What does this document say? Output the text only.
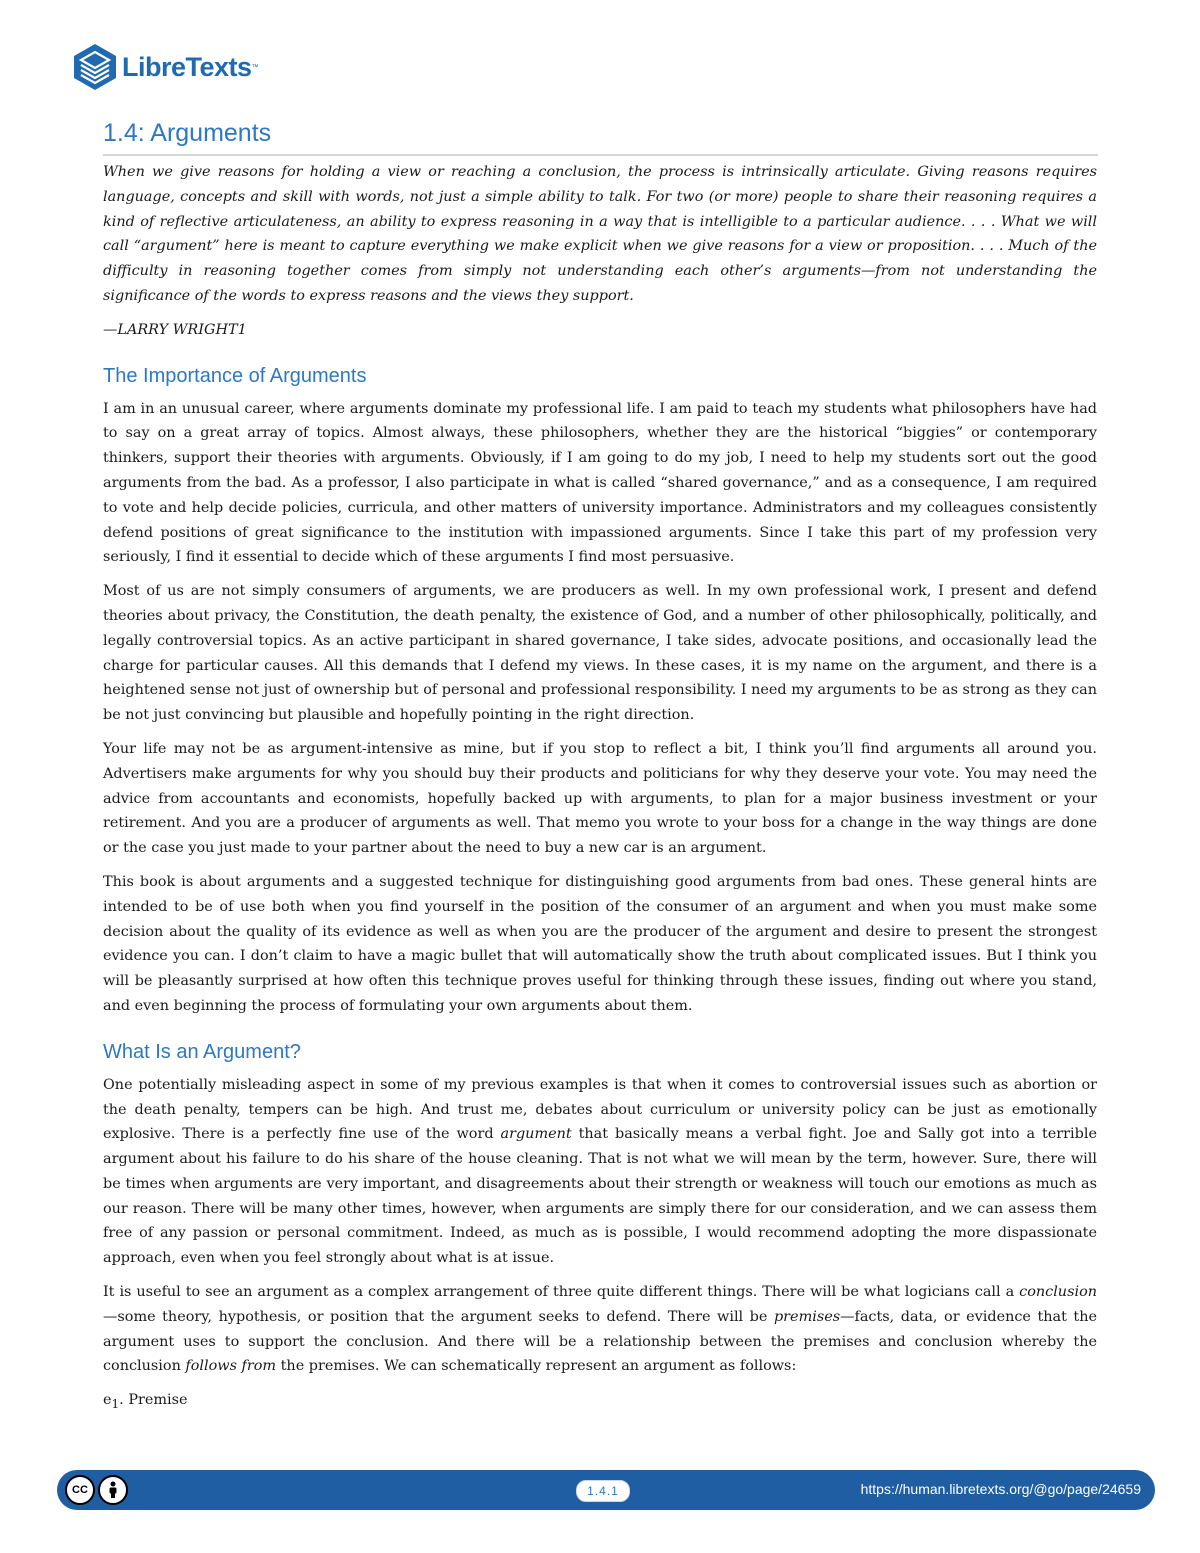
LibreTexts ™
1.4: Arguments

When we give reasons for holding a view or reaching a conclusion, the process is intrinsically articulate. Giving reasons requires language, concepts and skill with words, not just a simple ability to talk. For two (or more) people to share their reasoning requires a kind of reflective articulateness, an ability to express reasoning in a way that is intelligible to a particular audience. . . . What we will call “argument” here is meant to capture everything we make explicit when we give reasons for a view or proposition. . . . Much of the difficulty in reasoning together comes from simply not understanding each other’s arguments—from not understanding the significance of the words to express reasons and the views they support.

—LARRY WRIGHT1

The Importance of Arguments

I am in an unusual career, where arguments dominate my professional life. I am paid to teach my students what philosophers have had to say on a great array of topics. Almost always, these philosophers, whether they are the historical “biggies” or contemporary thinkers, support their theories with arguments. Obviously, if I am going to do my job, I need to help my students sort out the good arguments from the bad. As a professor, I also participate in what is called “shared governance,” and as a consequence, I am required to vote and help decide policies, curricula, and other matters of university importance. Administrators and my colleagues consistently defend positions of great significance to the institution with impassioned arguments. Since I take this part of my profession very seriously, I find it essential to decide which of these arguments I find most persuasive.

Most of us are not simply consumers of arguments, we are producers as well. In my own professional work, I present and defend theories about privacy, the Constitution, the death penalty, the existence of God, and a number of other philosophically, politically, and legally controversial topics. As an active participant in shared governance, I take sides, advocate positions, and occasionally lead the charge for particular causes. All this demands that I defend my views. In these cases, it is my name on the argument, and there is a heightened sense not just of ownership but of personal and professional responsibility. I need my arguments to be as strong as they can be not just convincing but plausible and hopefully pointing in the right direction.

Your life may not be as argument-intensive as mine, but if you stop to reflect a bit, I think you’ll find arguments all around you. Advertisers make arguments for why you should buy their products and politicians for why they deserve your vote. You may need the advice from accountants and economists, hopefully backed up with arguments, to plan for a major business investment or your retirement. And you are a producer of arguments as well. That memo you wrote to your boss for a change in the way things are done or the case you just made to your partner about the need to buy a new car is an argument.

This book is about arguments and a suggested technique for distinguishing good arguments from bad ones. These general hints are intended to be of use both when you find yourself in the position of the consumer of an argument and when you must make some decision about the quality of its evidence as well as when you are the producer of the argument and desire to present the strongest evidence you can. I don’t claim to have a magic bullet that will automatically show the truth about complicated issues. But I think you will be pleasantly surprised at how often this technique proves useful for thinking through these issues, finding out where you stand, and even beginning the process of formulating your own arguments about them.

What Is an Argument?

One potentially misleading aspect in some of my previous examples is that when it comes to controversial issues such as abortion or the death penalty, tempers can be high. And trust me, debates about curriculum or university policy can be just as emotionally explosive. There is a perfectly fine use of the word argument that basically means a verbal fight. Joe and Sally got into a terrible argument about his failure to do his share of the house cleaning. That is not what we will mean by the term, however. Sure, there will be times when arguments are very important, and disagreements about their strength or weakness will touch our emotions as much as our reason. There will be many other times, however, when arguments are simply there for our consideration, and we can assess them free of any passion or personal commitment. Indeed, as much as is possible, I would recommend adopting the more dispassionate approach, even when you feel strongly about what is at issue.

It is useful to see an argument as a complex arrangement of three quite different things. There will be what logicians call a conclusion—some theory, hypothesis, or position that the argument seeks to defend. There will be premises—facts, data, or evidence that the argument uses to support the conclusion. And there will be a relationship between the premises and conclusion whereby the conclusion follows from the premises. We can schematically represent an argument as follows:

$e_1$. Premise

CC	1.4.1	https://human.libretexts.org/@go/page/24659
